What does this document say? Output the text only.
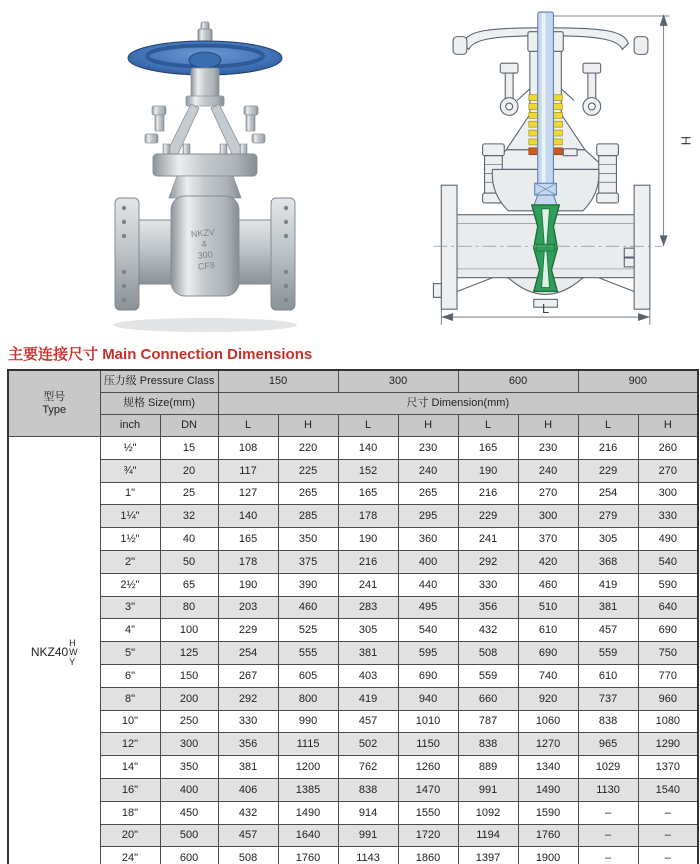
NKZV
4
300
CF8
H
L
主要连接尺寸 Main Connection Dimensions
型号
Type	压力级 Pressure Class		150		300		600		900	
	规格 Size(mm)		尺寸 Dimension(mm)							
	inch	DN	L	H	L	H	L	H	L	H

NKZ40
H
W
Y	½"	15	108	220	140	230	165	230	216	260
	¾"	20	117	225	152	240	190	240	229	270
	1"	25	127	265	165	265	216	270	254	300
	1¼"	32	140	285	178	295	229	300	279	330
	1½"	40	165	350	190	360	241	370	305	490
	2"	50	178	375	216	400	292	420	368	540
	2½"	65	190	390	241	440	330	460	419	590
	3"	80	203	460	283	495	356	510	381	640
	4"	100	229	525	305	540	432	610	457	690
	5"	125	254	555	381	595	508	690	559	750
	6"	150	267	605	403	690	559	740	610	770
	8"	200	292	800	419	940	660	920	737	960
	10"	250	330	990	457	1010	787	1060	838	1080
	12"	300	356	1115	502	1150	838	1270	965	1290
	14"	350	381	1200	762	1260	889	1340	1029	1370
	16"	400	406	1385	838	1470	991	1490	1130	1540
	18"	450	432	1490	914	1550	1092	1590	–	–
	20"	500	457	1640	991	1720	1194	1760	–	–
	24"	600	508	1760	1143	1860	1397	1900	–	–
